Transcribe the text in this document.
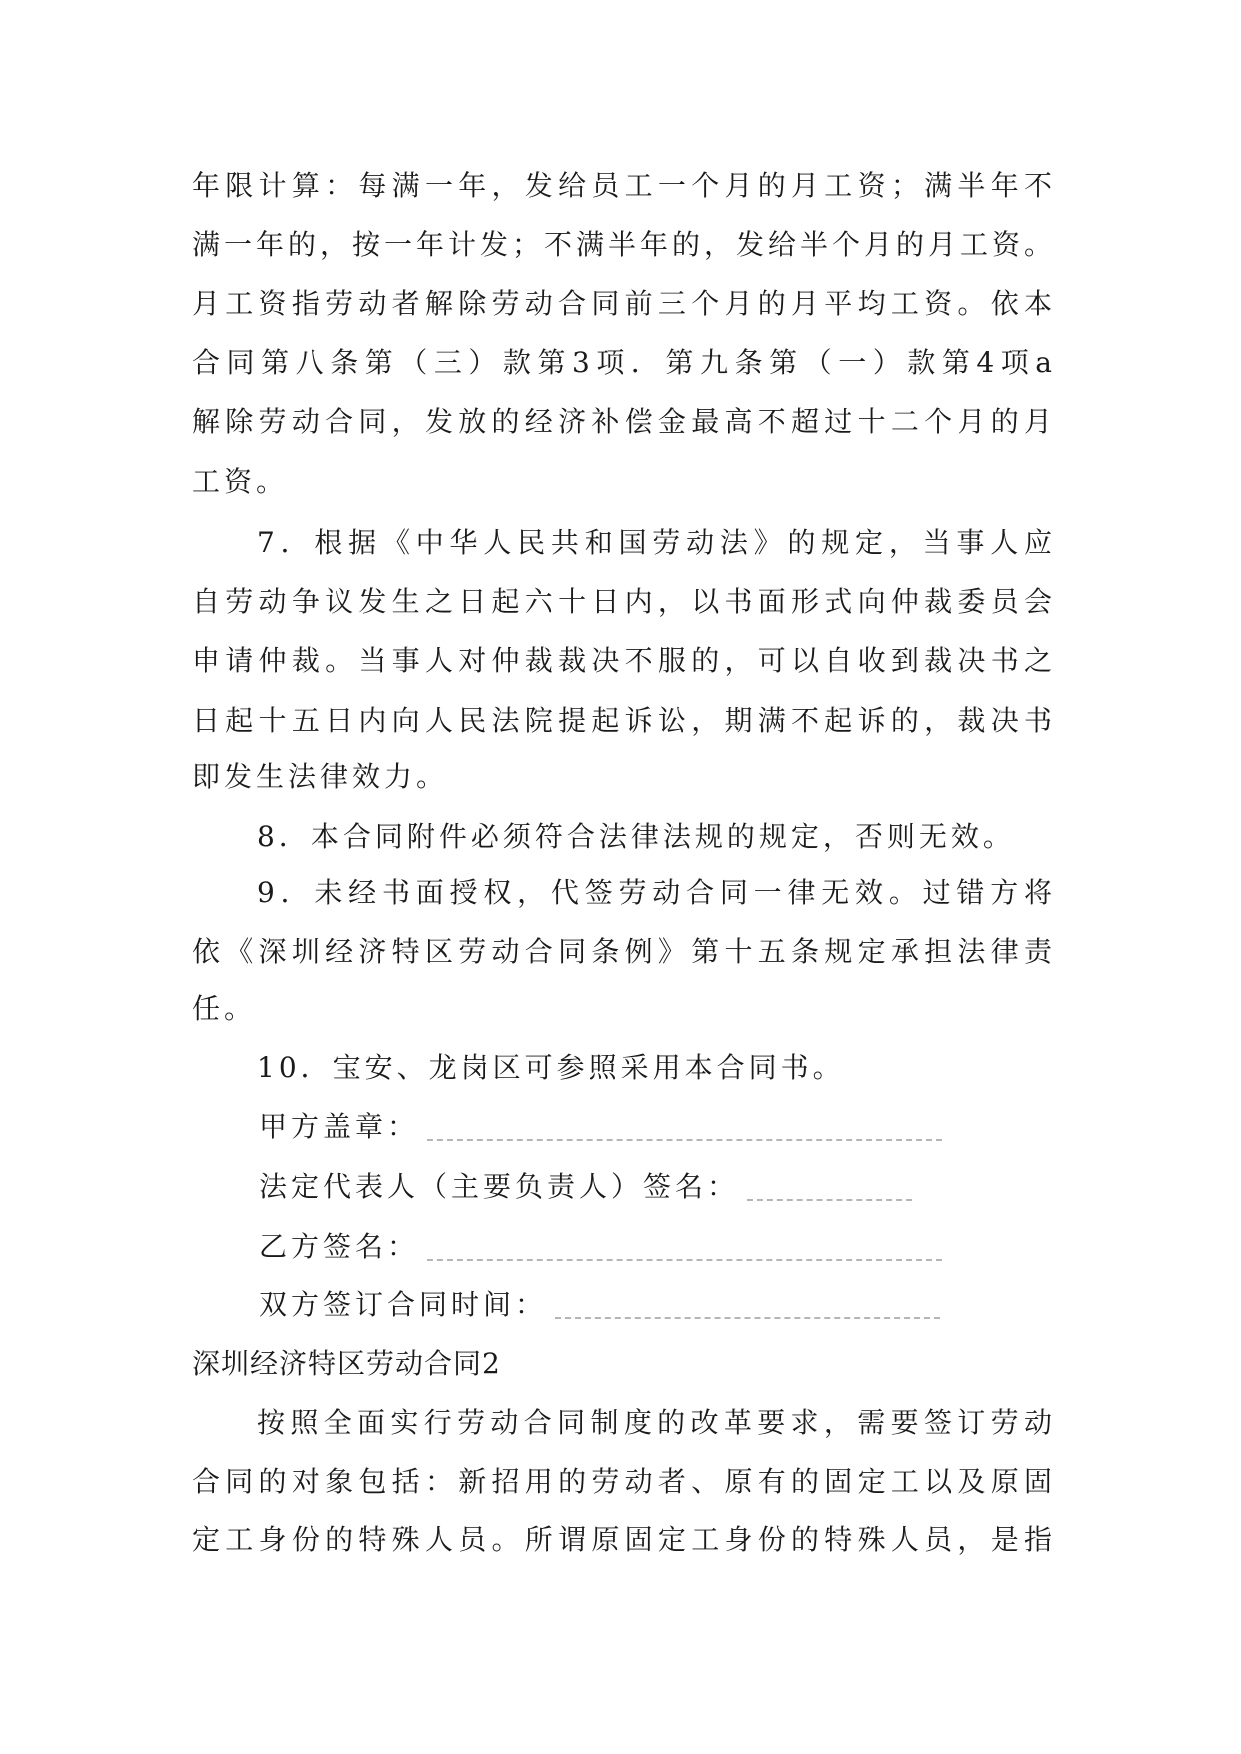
年限计算：每满一年，发给员工一个月的月工资；满半年不
满一年的，按一年计发；不满半年的，发给半个月的月工资。
月工资指劳动者解除劳动合同前三个月的月平均工资。依本
合同第八条第（三）款第3项．第九条第（一）款第4项a
解除劳动合同，发放的经济补偿金最高不超过十二个月的月
工资。
7．根据《中华人民共和国劳动法》的规定，当事人应
自劳动争议发生之日起六十日内，以书面形式向仲裁委员会
申请仲裁。当事人对仲裁裁决不服的，可以自收到裁决书之
日起十五日内向人民法院提起诉讼，期满不起诉的，裁决书
即发生法律效力。
8．本合同附件必须符合法律法规的规定，否则无效。
9．未经书面授权，代签劳动合同一律无效。过错方将
依《深圳经济特区劳动合同条例》第十五条规定承担法律责
任。
10．宝安、龙岗区可参照采用本合同书。
甲方盖章：
法定代表人（主要负责人）签名：
乙方签名：
双方签订合同时间：
深圳经济特区劳动合同2
按照全面实行劳动合同制度的改革要求，需要签订劳动
合同的对象包括：新招用的劳动者、原有的固定工以及原固
定工身份的特殊人员。所谓原固定工身份的特殊人员，是指
